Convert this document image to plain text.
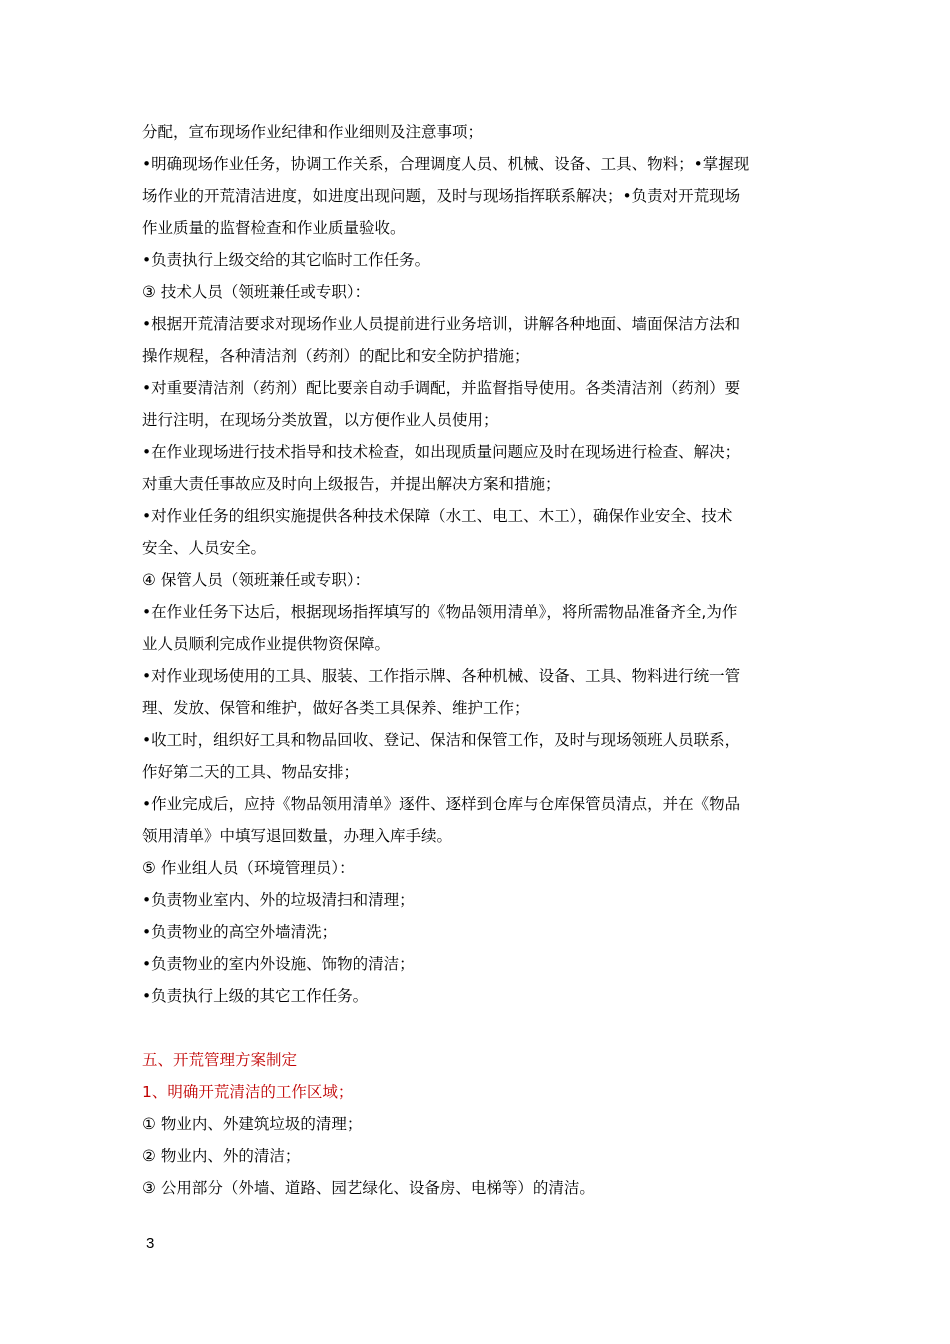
分配，宣布现场作业纪律和作业细则及注意事项；
•明确现场作业任务，协调工作关系，合理调度人员、机械、设备、工具、物料；•掌握现
场作业的开荒清洁进度，如进度出现问题，及时与现场指挥联系解决；•负责对开荒现场
作业质量的监督检查和作业质量验收。
•负责执行上级交给的其它临时工作任务。
③ 技术人员（领班兼任或专职）：
•根据开荒清洁要求对现场作业人员提前进行业务培训，讲解各种地面、墙面保洁方法和
操作规程，各种清洁剂（药剂）的配比和安全防护措施；
•对重要清洁剂（药剂）配比要亲自动手调配，并监督指导使用。各类清洁剂（药剂）要
进行注明，在现场分类放置，以方便作业人员使用；
•在作业现场进行技术指导和技术检查，如出现质量问题应及时在现场进行检查、解决；
对重大责任事故应及时向上级报告，并提出解决方案和措施；
•对作业任务的组织实施提供各种技术保障（水工、电工、木工），确保作业安全、技术
安全、人员安全。
④ 保管人员（领班兼任或专职）：
•在作业任务下达后，根据现场指挥填写的《物品领用清单》，将所需物品准备齐全,为作
业人员顺利完成作业提供物资保障。
•对作业现场使用的工具、服装、工作指示牌、各种机械、设备、工具、物料进行统一管
理、发放、保管和维护，做好各类工具保养、维护工作；
•收工时，组织好工具和物品回收、登记、保洁和保管工作，及时与现场领班人员联系，
作好第二天的工具、物品安排；
•作业完成后，应持《物品领用清单》逐件、逐样到仓库与仓库保管员清点，并在《物品
领用清单》中填写退回数量，办理入库手续。
⑤ 作业组人员（环境管理员）：
•负责物业室内、外的垃圾清扫和清理；
•负责物业的高空外墙清洗；
•负责物业的室内外设施、饰物的清洁；
•负责执行上级的其它工作任务。
五、开荒管理方案制定
1、明确开荒清洁的工作区域；
① 物业内、外建筑垃圾的清理；
② 物业内、外的清洁；
③ 公用部分（外墙、道路、园艺绿化、设备房、电梯等）的清洁。
3
